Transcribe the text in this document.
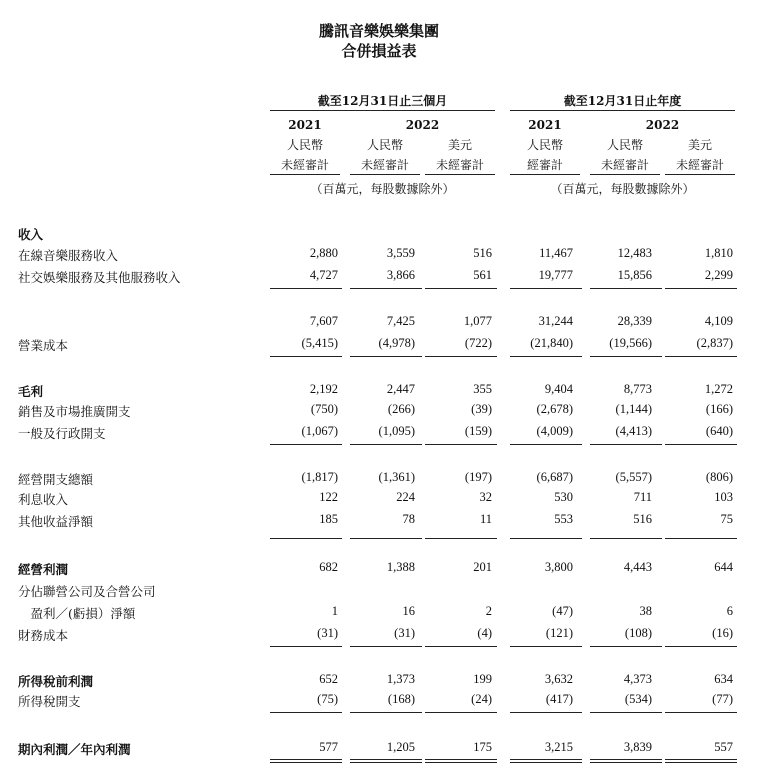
騰訊音樂娛樂集團
合併損益表
截至12月31日止三個月	截至12月31日止年度
2021	2022	2021	2022
人民幣	人民幣	美元	人民幣	人民幣	美元
未經審計	未經審計	未經審計	經審計	未經審計	未經審計
（百萬元，每股數據除外）	（百萬元，每股數據除外）
收入
在線音樂服務收入	2,880	3,559	516	11,467	12,483	1,810
社交娛樂服務及其他服務收入	4,727	3,866	561	19,777	15,856	2,299
7,607	7,425	1,077	31,244	28,339	4,109
營業成本	(5,415)	(4,978)	(722)	(21,840)	(19,566)	(2,837)
毛利	2,192	2,447	355	9,404	8,773	1,272
銷售及市場推廣開支	(750)	(266)	(39)	(2,678)	(1,144)	(166)
一般及行政開支	(1,067)	(1,095)	(159)	(4,009)	(4,413)	(640)
經營開支總額	(1,817)	(1,361)	(197)	(6,687)	(5,557)	(806)
利息收入	122	224	32	530	711	103
其他收益淨額	185	78	11	553	516	75
經營利潤	682	1,388	201	3,800	4,443	644
分佔聯營公司及合營公司
　盈利／(虧損）淨額	1	16	2	(47)	38	6
財務成本	(31)	(31)	(4)	(121)	(108)	(16)
所得稅前利潤	652	1,373	199	3,632	4,373	634
所得稅開支	(75)	(168)	(24)	(417)	(534)	(77)
期內利潤／年內利潤	577	1,205	175	3,215	3,839	557
